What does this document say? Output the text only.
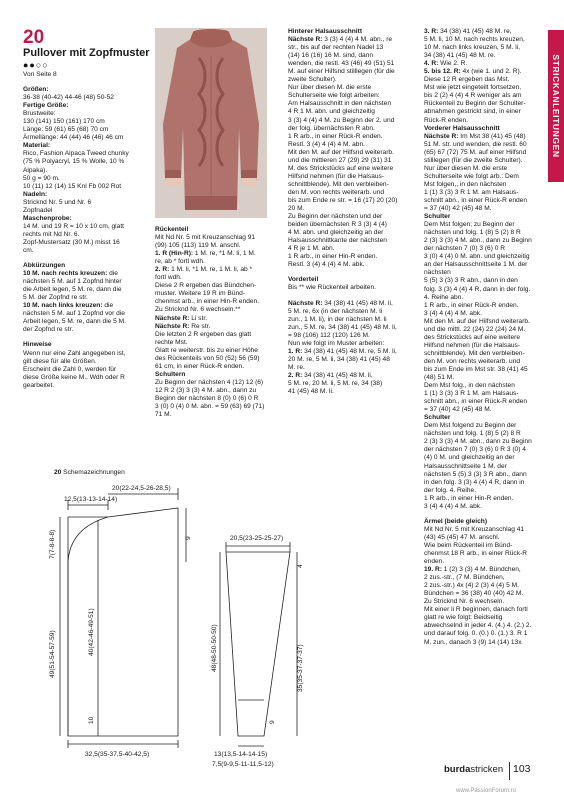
STRICKANLEITUNGEN

20

Pullover mit Zopfmuster

●●○○

Von Seite 8

Größen:

36-38 (40-42) 44-46 (48) 50-52

Fertige Größe:

Brustweite:

130 (141) 150 (161) 170 cm

Länge: 59 (61) 65 (68) 70 cm

Ärmellänge: 44 (44) 46 (46) 46 cm

Material:

Rico, Fashion Alpaca Tweed chunky

(75 % Polyacryl, 15 % Wolle, 10 %

Alpaka).

50 g = 90 m.

10 (11) 12 (14) 15 Knl Fb 002 Rot

Nadeln:

Stricknd Nr. 5 und Nr. 6

Zopfnadel

Maschenprobe:

14 M. und 19 R = 10 x 10 cm, glatt

rechts mit Nd Nr. 6.

Zopf-Mustersatz (30 M.) misst 16

cm.

Abkürzungen

10 M. nach rechts kreuzen: die

nächsten 5 M. auf 1 Zopfnd hinter

die Arbeit legen, 5 M. re, dann die

5 M. der Zopfnd re str.

10 M. nach links kreuzen: die

nächsten 5 M. auf 1 Zopfnd vor die

Arbeit legen, 5 M. re, dann die 5 M.

der Zopfnd re str.

Hinweise

Wenn nur eine Zahl angegeben ist,

gilt diese für alle Größen.

Erscheint die Zahl 0, werden für

diese Größe keine M., Wdh oder R

gearbeitet.

Rückenteil

Mit Nd Nr. 5 mit Kreuzanschlag 91

(99) 105 (113) 119 M. anschl.

1. R (Hin-R): 1 M. re, *1 M. li, 1 M.

re, ab * fortl wdh.

2. R: 1 M. li, *1 M. re, 1 M. li, ab *

fortl wdh.

Diese 2 R ergeben das Bündchen-

muster. Weitere 19 R im Bünd-

chenmst arb., in einer Hin-R enden.

Zu Stricknd Nr. 6 wechseln.**

Nächste R: Li str.

Nächste R: Re str.

Die letzten 2 R ergeben das glatt

rechte Mst.

Glatt re weiterstr. bis zu einer Höhe

des Rückenteils von 50 (52) 56 (59)

61 cm, in einer Rück-R enden.

Schultern

Zu Beginn der nächsten 4 (12) 12 (6)

12 R 2 (3) 3 (3) 4 M. abn., dann zu

Beginn der nächsten 8 (0) 0 (6) 0 R

3 (0) 0 (4) 0 M. abn. = 59 (63) 69 (71)

71 M.

Hinterer Halsausschnitt

Nächste R: 3 (3) 4 (4) 4 M. abn., re

str., bis auf der rechten Nadel 13

(14) 16 (16) 16 M. sind, dann

wenden, die restl. 43 (46) 49 (51) 51

M. auf einer Hilfsnd stilllegen (für die

zweite Schulter).

Nur über diesen M. die erste

Schulterseite wie folgt arbeiten:

Am Halsausschnitt in den nächsten

4 R 1 M. abn. und gleichzeitig

3 (3) 4 (4) 4 M. zu Beginn der 2. und

der folg. übernächsten R abn.

1 R arb., in einer Rück-R enden.

Restl. 3 (4) 4 (4) 4 M. abn.

Mit den M. auf der Hilfsnd weiterarb.

und die mittleren 27 (29) 29 (31) 31

M. des Strickstücks auf eine weitere

Hilfsnd nehmen (für die Halsaus-

schnittblende). Mit den verbleiben-

den M. von rechts weiterarb. und

bis zum Ende re str. = 16 (17) 20 (20)

20 M.

Zu Beginn der nächsten und der

beiden übernächsten R 3 (3) 4 (4)

4 M. abn. und gleichzeitig an der

Halsausschnittkante der nächsten

4 R je 1 M. abn.

1 R arb., in einer Hin-R enden.

Restl. 3 (4) 4 (4) 4 M. abk.

Vorderteil

Bis ** wie Rückenteil arbeiten.

Nächste R: 34 (38) 41 (45) 48 M. li,

5 M. re, 6x (in der nächsten M. li

zun., 1 M. li), in der nächsten M. li

zun., 5 M. re, 34 (38) 41 (45) 48 M. li,

= 98 (106) 112 (120) 126 M.

Nun wie folgt im Muster arbeiten:

1. R: 34 (38) 41 (45) 48 M. re, 5 M. li,

20 M. re, 5 M. li, 34 (38) 41 (45) 48

M. re.

2. R: 34 (38) 41 (45) 48 M. li,

5 M. re, 20 M. li, 5 M. re, 34 (38)

41 (45) 48 M. li.

3. R: 34 (38) 41 (45) 48 M. re,

5 M. li, 10 M. nach rechts kreuzen,

10 M. nach links kreuzen, 5 M. li,

34 (38) 41 (45) 48 M. re.

4. R: Wie 2. R.

5. bis 12. R: 4x (wie 1. und 2. R).

Diese 12 R ergeben das Mst.

Mst wie jetzt eingeteilt fortsetzen,

bis 2 (2) 4 (4) 4 R weniger als am

Rückenteil zu Beginn der Schulter-

abnahmen gestrickt sind, in einer

Rück-R enden.

Vorderer Halsausschnitt

Nächste R: Im Mst 38 (41) 45 (48)

51 M. str. und wenden, die restl. 60

(65) 67 (72) 75 M. auf einer Hilfsnd

stilllegen (für die zweite Schulter).

Nur über diesen M. die erste

Schulterseite wie folgt arb.: Dem

Mst folgen,, in den nächsten

1 (1) 3 (3) 3 R 1 M. am Halsaus-

schnitt abn., in einer Rück-R enden

= 37 (40) 42 (45) 48 M.

Schulter

Dem Mst folgen; zu Beginn der

nächsten und folg. 1 (8) 5 (2) 8 R

2 (3) 3 (3) 4 M. abn., dann zu Beginn

der nächsten 7 (0) 3 (6) 0 R

3 (0) 4 (4) 0 M. abn. und gleichzeitig

an der Halsausschnittseite 1 M. der

nächsten

5 (5) 3 (3) 3 R abn., dann in den

folg. 3 (3) 4 (4) 4 R, dann in der folg.

4. Reihe abn.

1 R arb., in einer Rück-R enden.

3 (4) 4 (4) 4 M. abk.

Mit den M. auf der Hilfsnd weiterarb.

und die mittl. 22 (24) 22 (24) 24 M.

des Strickstücks auf eine weitere

Hilfsnd nehmen (für die Halsaus-

schnittblende). Mit den verbleiben-

den M. von rechts weiterarb. und

bis zum Ende im Mst str. 38 (41) 45

(48) 51 M.

Dem Mst folg., in den nächsten

1 (1) 3 (3) 3 R 1 M. am Halsaus-

schnitt abn., in einer Rück-R enden

= 37 (40) 42 (45) 48 M.

Schulter

Dem Mst folgend zu Beginn der

nächsten und folg. 1 (8) 5 (2) 8 R

2 (3) 3 (3) 4 M. abn., dann zu Beginn

der nächsten 7 (0) 3 (6) 0 R 3 (0) 4

(4) 0 M. und gleichzeitig an der

Halsausschnittseite 1 M. der

nächsten 5 (5) 3 (3) 3 R abn., dann

in den folg. 3 (3) 4 (4) 4 R, dann in

der folg. 4. Reihe.

1 R arb., in einer Hin-R enden.

3 (4) 4 (4) 4 M. abk.

Ärmel (beide gleich)

Mit Nd Nr. 5 mit Kreuzanschlag 41

(43) 45 (45) 47 M. anschl.

Wie beim Rückenteil im Bünd-

chenmst 18 R arb., in einer Rück-R

enden.

19. R: 1 (2) 3 (3) 4 M. Bündchen,

2 zus.-str., (7 M. Bündchen,

2 zus.-str.) 4x (4) 2 (3) 4 (4) 5 M.

Bündchen = 36 (38) 40 (40) 42 M.

Zu Stricknd Nr. 6 wechseln.

Mit einer li R beginnen, danach fortl

glatt re wie folgt: Beidseitig

abwechselnd in jeder 4. (4.) 4. (2.) 2.

und darauf folg. 0. (0.) 0. (1.) 3. R 1

M. zun., danach 3 (9) 14 (14) 13x

20 Schemazeichnungen
20(22-24,5-26-28,5)
12,5(13-13-14-14)
7(7-8-8-8)
49(51-54-57-59)	40(42-46-49-51)
10
9
32,5(35-37,5-40-42,5)
20,5(23-25-25-27)
4
48(48-50-50-50)	35(35-37-37-37)
9
13(13,5-14-14-15)
7,5(9-9,5-11-11,5-12)	burdastricken 103
www.PassionForum.ru
